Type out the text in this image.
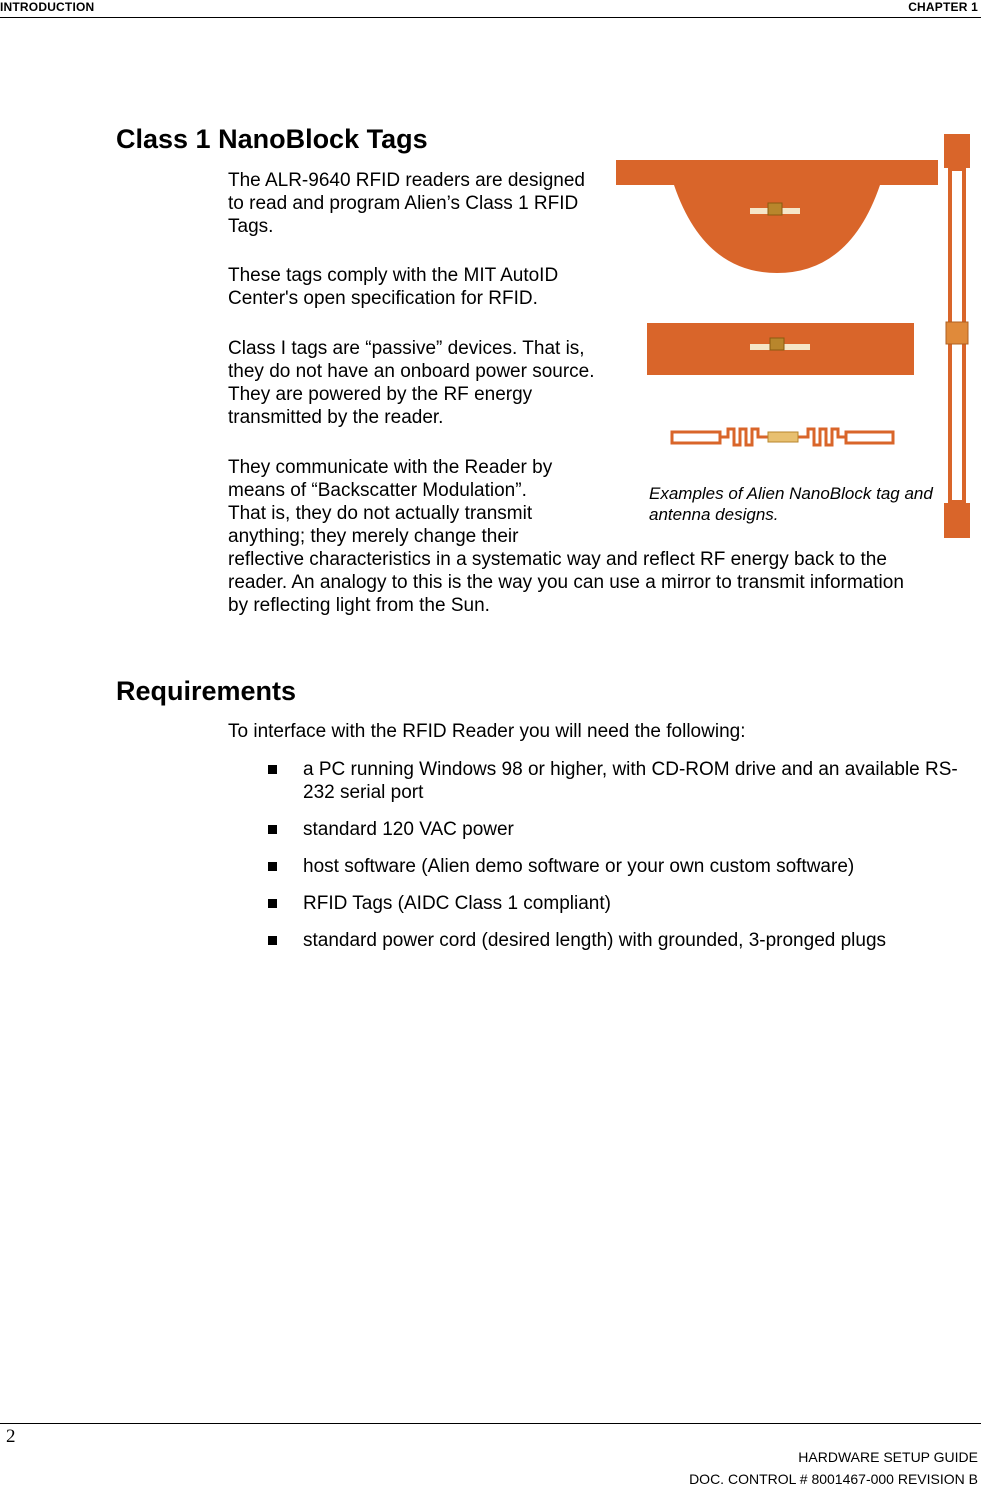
INTRODUCTION	CHAPTER 1
Class 1 NanoBlock Tags

The ALR-9640 RFID readers are designed to read and program Alien’s Class 1 RFID Tags.

These tags comply with the MIT AutoID Center's open specification for RFID.

Class I tags are “passive” devices. That is, they do not have an onboard power source. They are powered by the RF energy transmitted by the reader.

They communicate with the Reader by
means of “Backscatter Modulation”.
That is, they do not actually transmit
anything; they merely change their
reflective characteristics in a systematic way and reflect RF energy back to the
reader. An analogy to this is the way you can use a mirror to transmit information
by reflecting light from the Sun.
Examples of Alien NanoBlock tag and antenna designs.
Requirements

To interface with the RFID Reader you will need the following:

a PC running Windows 98 or higher, with CD-ROM drive and an available RS-232 serial port
standard 120 VAC power
host software (Alien demo software or your own custom software)
RFID Tags (AIDC Class 1 compliant)
standard power cord (desired length) with grounded, 3-pronged plugs
2
HARDWARE SETUP GUIDE
DOC. CONTROL # 8001467-000 REVISION B
